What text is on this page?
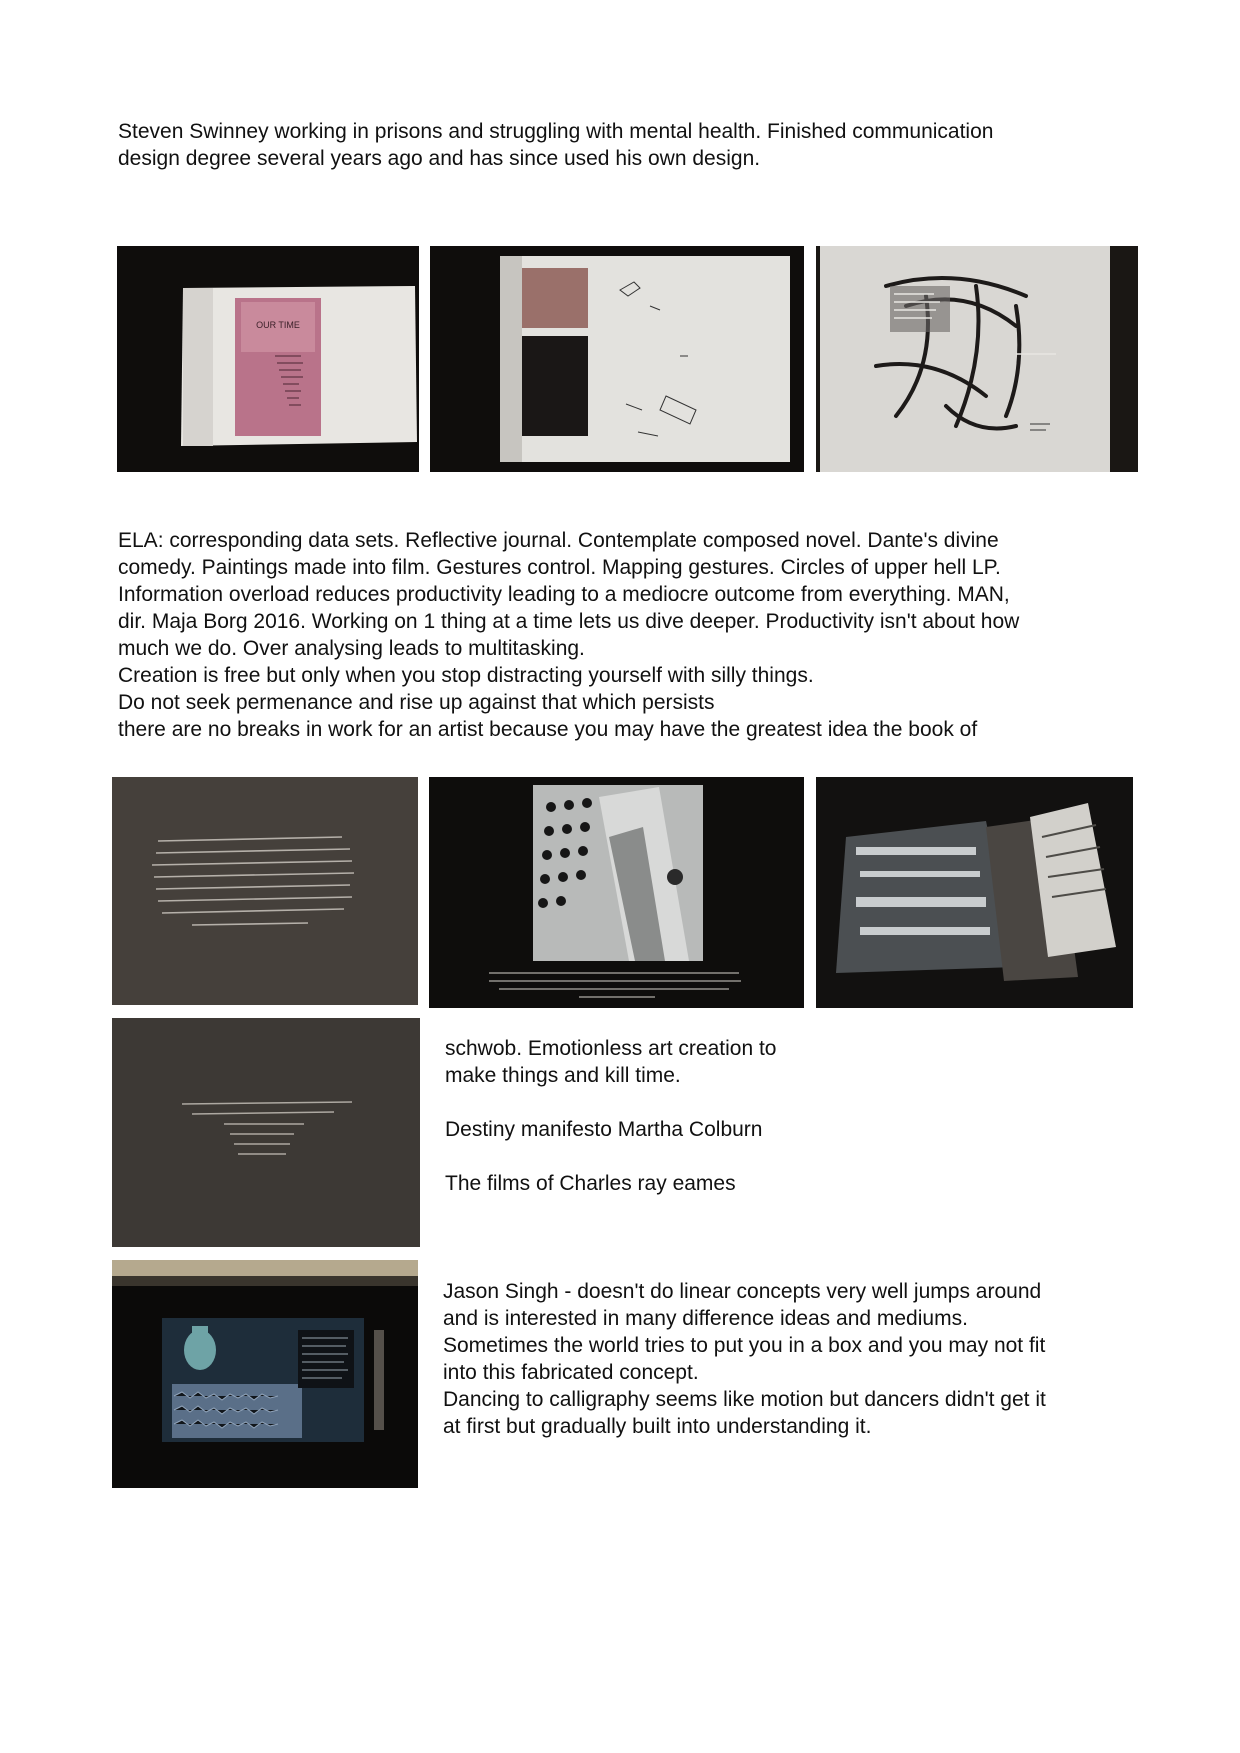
Steven Swinney working in prisons and struggling with mental health. Finished communication

design degree several years ago and has since used his own design.

OUR TIME

ELA: corresponding data sets. Reflective journal. Contemplate composed novel. Dante's divine

comedy. Paintings made into film. Gestures control. Mapping gestures. Circles of upper hell LP.

Information overload reduces productivity leading to a mediocre outcome from everything. MAN,

dir. Maja Borg 2016. Working on 1 thing at a time lets us dive deeper. Productivity isn't about how

much we do. Over analysing leads to multitasking.

Creation is free but only when you stop distracting yourself with silly things.

Do not seek permenance and rise up against that which persists

there are no breaks in work for an artist because you may have the greatest idea the book of

schwob. Emotionless art creation to

make things and kill time.

Destiny manifesto Martha Colburn

The films of Charles ray eames

Jason Singh - doesn't do linear concepts very well jumps around

and is interested in many difference ideas and mediums.

Sometimes the world tries to put you in a box and you may not fit

into this fabricated concept.

Dancing to calligraphy seems like motion but dancers didn't get it

at first but gradually built into understanding it.
